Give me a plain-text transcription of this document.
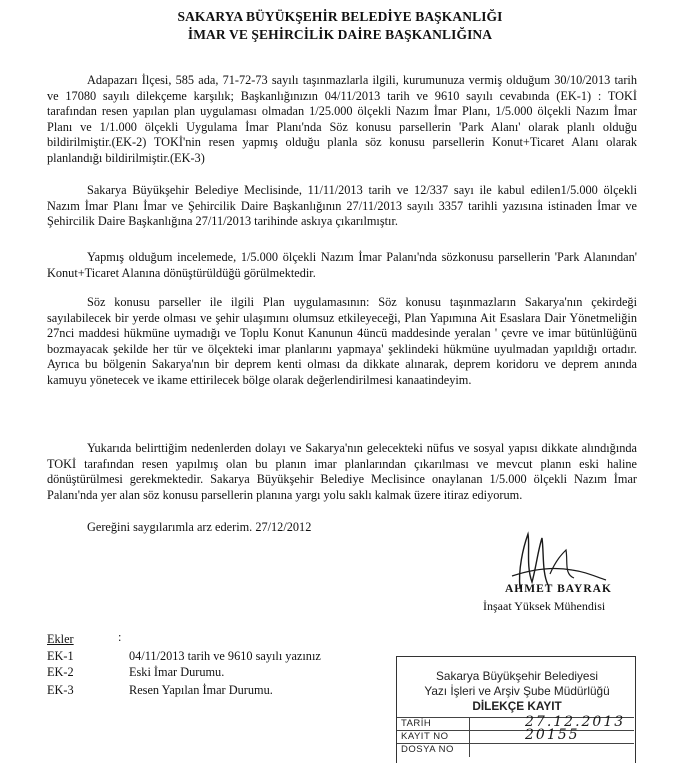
SAKARYA BÜYÜKŞEHİR BELEDİYE BAŞKANLIĞI
İMAR VE ŞEHİRCİLİK DAİRE BAŞKANLIĞINA

Adapazarı İlçesi, 585 ada, 71-72-73 sayılı taşınmazlarla ilgili, kurumunuza vermiş olduğum 30/10/2013 tarih ve 17080 sayılı dilekçeme karşılık; Başkanlığınızın 04/11/2013 tarih ve 9610 sayılı cevabında (EK-1) : TOKİ tarafından resen yapılan plan uygulaması olmadan 1/25.000 ölçekli Nazım İmar Planı, 1/5.000 ölçekli Nazım İmar Planı ve 1/1.000 ölçekli Uygulama İmar Planı'nda Söz konusu parsellerin 'Park Alanı' olarak planlı olduğu bildirilmiştir.(EK-2) TOKİ'nin resen yapmış olduğu planla söz konusu parsellerin Konut+Ticaret Alanı olarak planlandığı bildirilmiştir.(EK-3)

Sakarya Büyükşehir Belediye Meclisinde, 11/11/2013 tarih ve 12/337 sayı ile kabul edilen1/5.000 ölçekli Nazım İmar Planı İmar ve Şehircilik Daire Başkanlığının 27/11/2013 sayılı 3357 tarihli yazısına istinaden İmar ve Şehircilik Daire Başkanlığına 27/11/2013 tarihinde askıya çıkarılmıştır.

Yapmış olduğum incelemede, 1/5.000 ölçekli Nazım İmar Palanı'nda sözkonusu parsellerin 'Park Alanından' Konut+Ticaret Alanına dönüştürüldüğü görülmektedir.

Söz konusu parseller ile ilgili Plan uygulamasının: Söz konusu taşınmazların Sakarya'nın çekirdeği sayılabilecek bir yerde olması ve şehir ulaşımını olumsuz etkileyeceği, Plan Yapımına Ait Esaslara Dair Yönetmeliğin 27nci maddesi hükmüne uymadığı ve Toplu Konut Kanunun 4üncü maddesinde yeralan ' çevre ve imar bütünlüğünü bozmayacak şekilde her tür ve ölçekteki imar planlarını yapmaya' şeklindeki hükmüne uyulmadan yapıldığı ortadır. Ayrıca bu bölgenin Sakarya'nın bir deprem kenti olması da dikkate alınarak, deprem koridoru ve deprem anında kamuyu yönetecek ve ikame ettirilecek bölge olarak değerlendirilmesi kanaatindeyim.

Yukarıda belirttiğim nedenlerden dolayı ve Sakarya'nın gelecekteki nüfus ve sosyal yapısı dikkate alındığında TOKİ tarafından resen yapılmış olan bu planın imar planlarından çıkarılması ve mevcut planın eski haline dönüştürülmesi gerekmektedir. Sakarya Büyükşehir Belediye Meclisince onaylanan 1/5.000 ölçekli Nazım İmar Palanı'nda yer alan söz konusu parsellerin planına yargı yolu saklı kalmak üzere itiraz ediyorum.

Gereğini saygılarımla arz ederim. 27/12/2012
AHMET BAYRAK
İnşaat Yüksek Mühendisi
Ekler	:
EK-1	04/11/2013 tarih ve 9610 sayılı yazınız
EK-2	Eski İmar Durumu.
EK-3	Resen Yapılan İmar Durumu.
Sakarya Büyükşehir Belediyesi
Yazı İşleri ve Arşiv Şube Müdürlüğü
DİLEKÇE KAYIT
TARİH	27.12.2013
KAYIT NO	20155
DOSYA NO
